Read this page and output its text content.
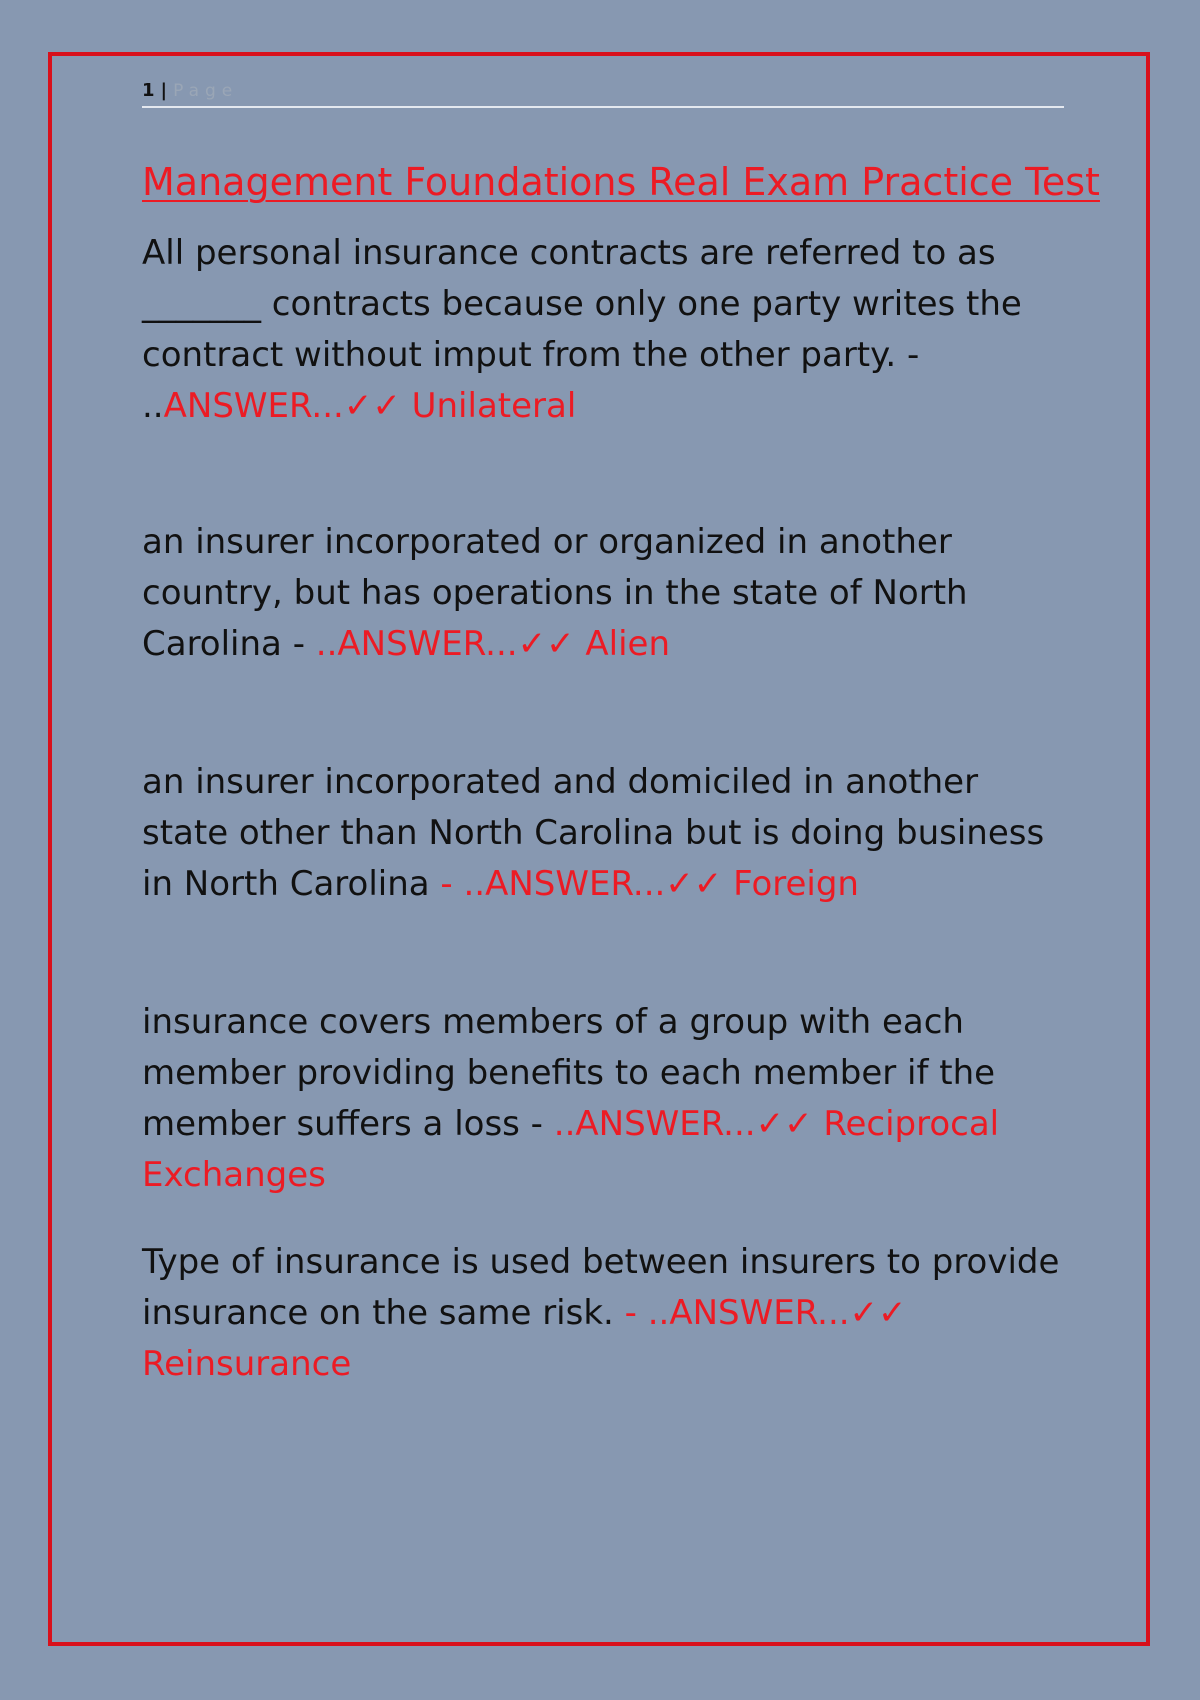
1 | Page
Management Foundations Real Exam Practice Test

All personal insurance contracts are referred to as _______ contracts because only one party writes the contract without imput from the other party. - ..ANSWER...✓✓ Unilateral

an insurer incorporated or organized in another country, but has operations in the state of North Carolina - ..ANSWER...✓✓ Alien

an insurer incorporated and domiciled in another state other than North Carolina but is doing business in North Carolina - ..ANSWER...✓✓ Foreign

insurance covers members of a group with each member providing benefits to each member if the member suffers a loss - ..ANSWER...✓✓ Reciprocal Exchanges

Type of insurance is used between insurers to provide insurance on the same risk. - ..ANSWER...✓✓ Reinsurance
